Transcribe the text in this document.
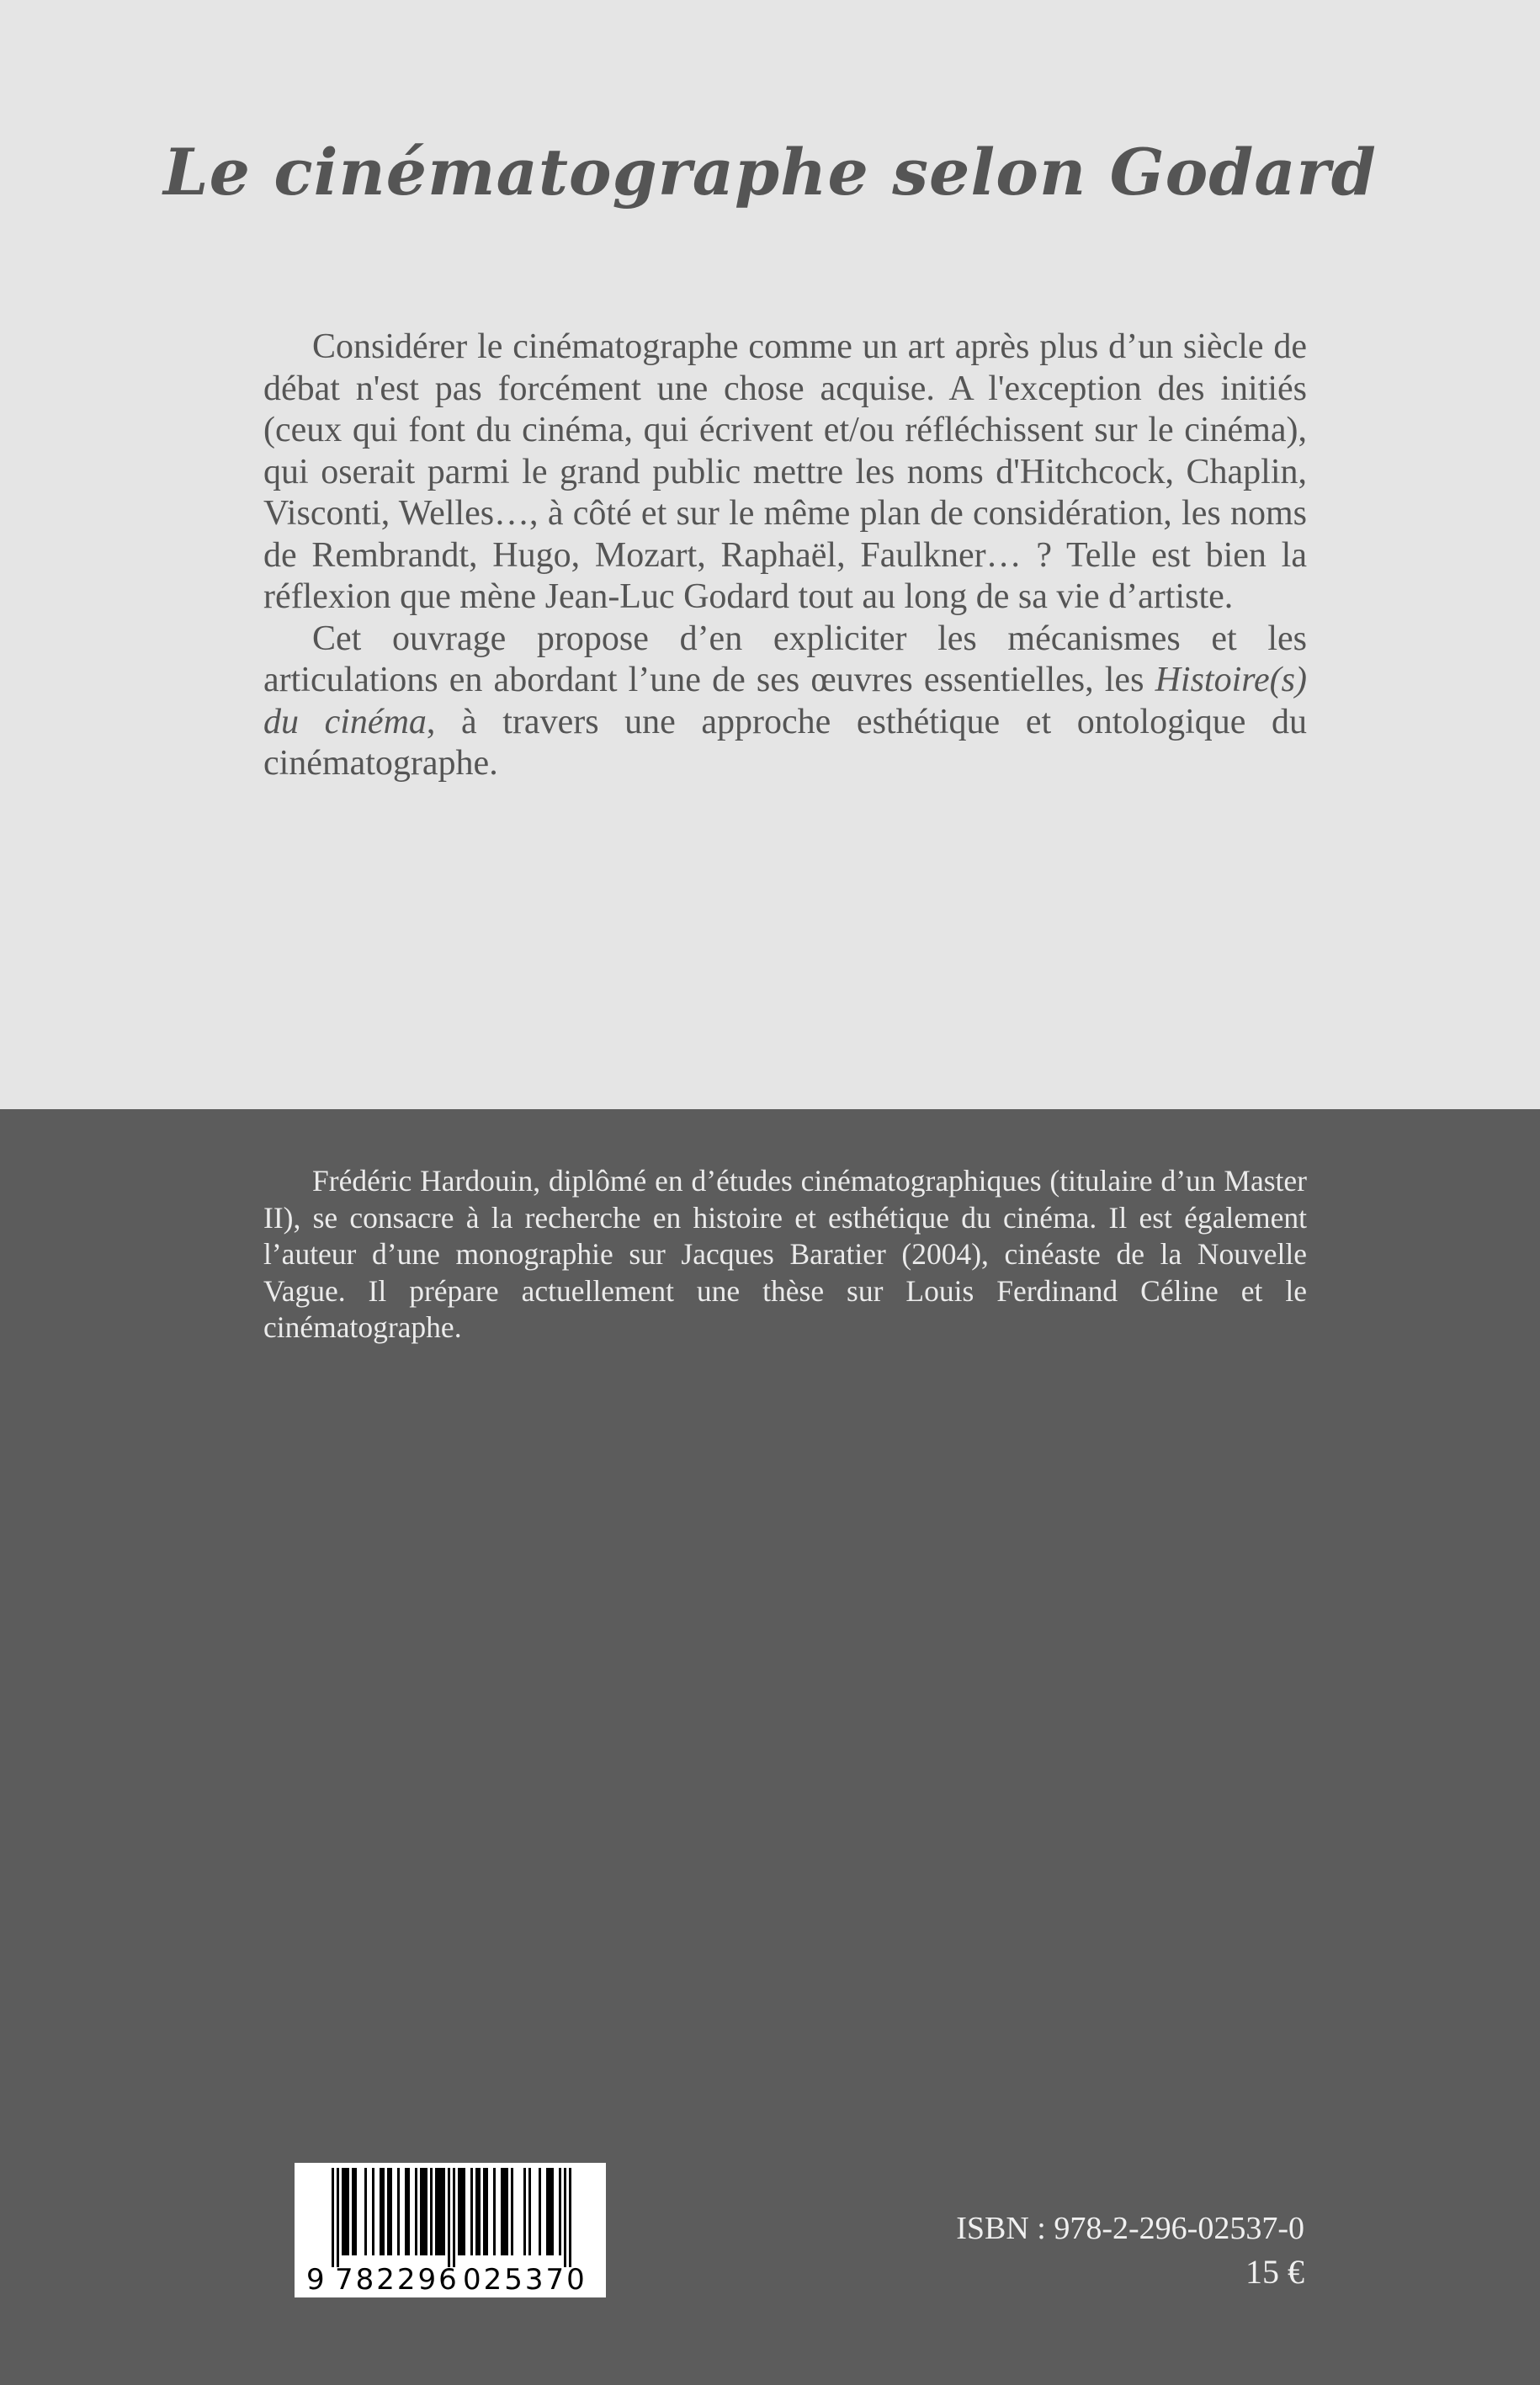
Le cinématographe selon Godard

Considérer le cinématographe comme un art après plus d’un siècle de débat n'est pas forcément une chose acquise. A l'exception des initiés (ceux qui font du cinéma, qui écrivent et/ou réfléchissent sur le cinéma), qui oserait parmi le grand public mettre les noms d'Hitchcock, Chaplin, Visconti, Welles…, à côté et sur le même plan de considération, les noms de Rembrandt, Hugo, Mozart, Raphaël, Faulkner… ? Telle est bien la réflexion que mène Jean-Luc Godard tout au long de sa vie d’artiste.

Cet ouvrage propose d’en expliciter les mécanismes et les articulations en abordant l’une de ses œuvres essentielles, les Histoire(s) du cinéma, à travers une approche esthétique et ontologique du cinématographe.

Frédéric Hardouin, diplômé en d’études cinématographiques (titulaire d’un Master II), se consacre à la recherche en histoire et esthétique du cinéma. Il est également l’auteur d’une monographie sur Jacques Baratier (2004), cinéaste de la Nouvelle Vague. Il prépare actuellement une thèse sur Louis Ferdinand Céline et le cinématographe.

9 782296 025370
ISBN : 978-2-296-02537-0
15 €
